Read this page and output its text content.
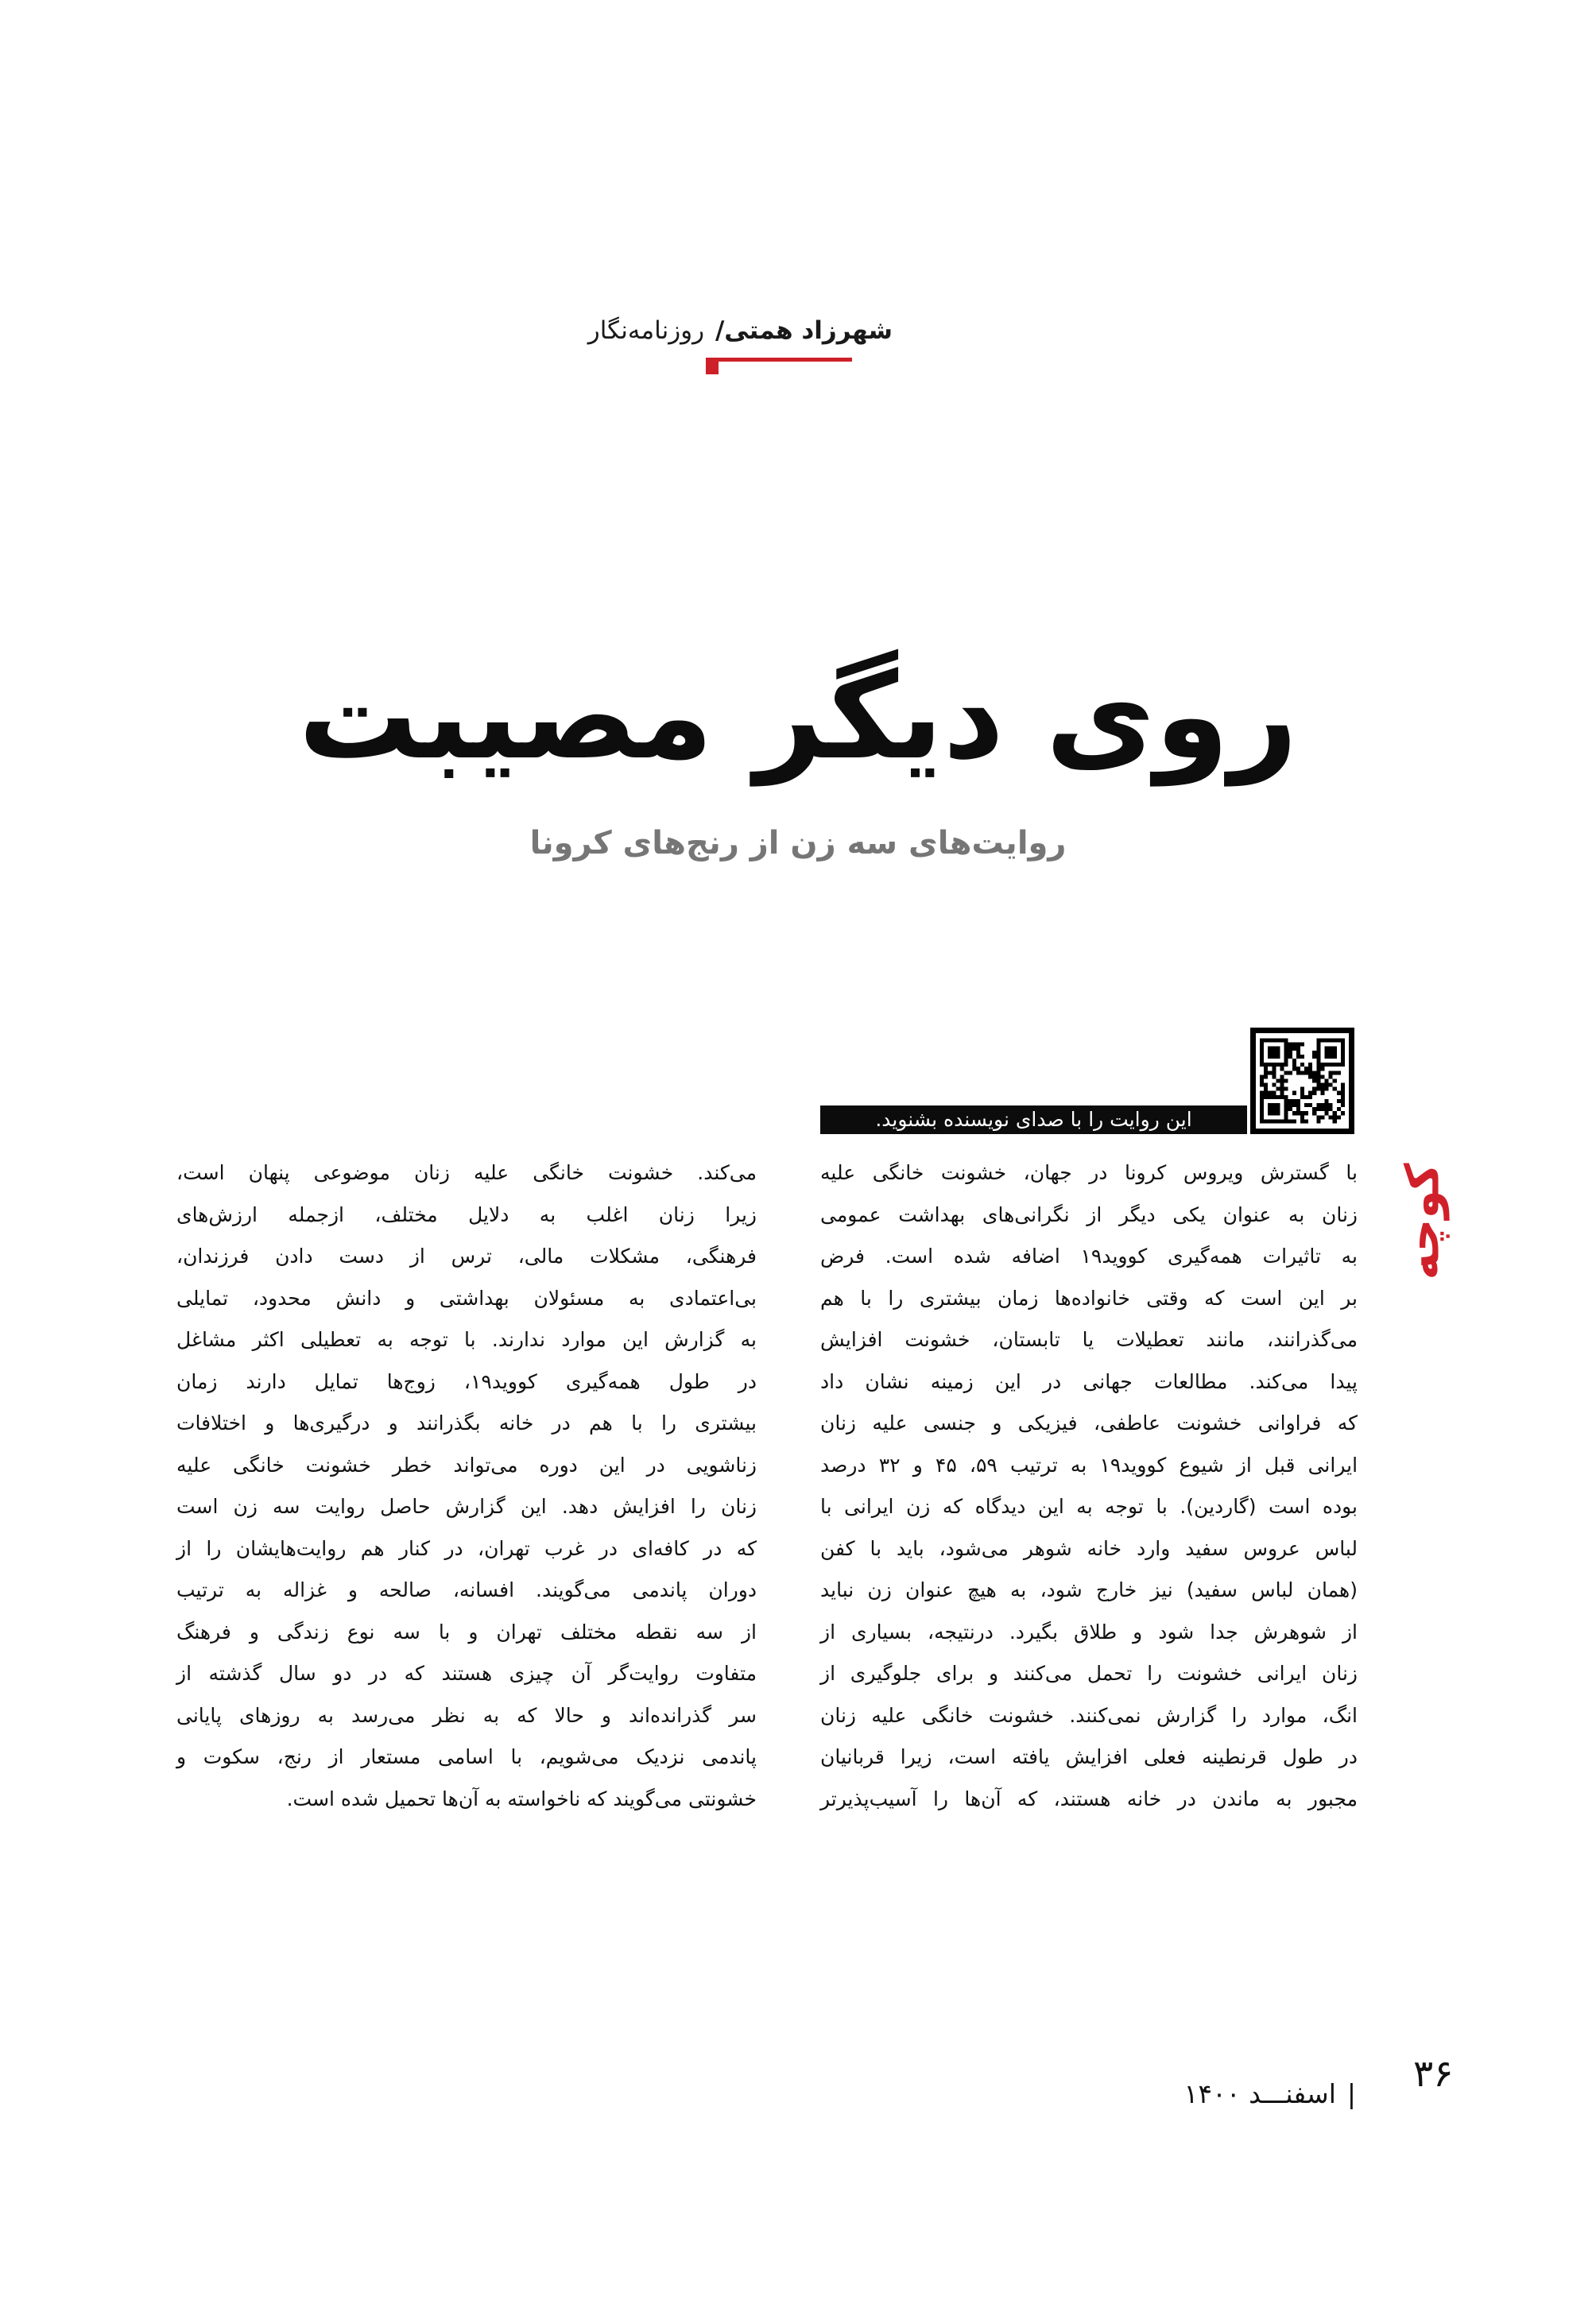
شهرزاد همتی/ روزنامه‌نگار
روی دیگر مصیبت
روایت‌های سه زن از رنج‌های کرونا
این روایت را با صدای نویسنده بشنوید.
کوچه
با گسترش ویروس کرونا در جهان، خشونت خانگی علیه
زنان به عنوان یکی دیگر از نگرانی‌های بهداشت عمومی
به تاثیرات همه‌گیری کووید۱۹ اضافه شده است. فرض
بر این است که وقتی خانواده‌ها زمان بیشتری را با هم
می‌گذرانند، مانند تعطیلات یا تابستان، خشونت افزایش
پیدا می‌کند. مطالعات جهانی در این زمینه نشان داد
که فراوانی خشونت عاطفی، فیزیکی و جنسی علیه زنان
ایرانی قبل از شیوع کووید۱۹ به ترتیب ۵۹، ۴۵ و ۳۲ درصد
بوده است (گاردین). با توجه به این دیدگاه که زن ایرانی با
لباس عروس سفید وارد خانه شوهر می‌شود، باید با کفن
(همان لباس سفید) نیز خارج شود، به هیچ عنوان زن نباید
از شوهرش جدا شود و طلاق بگیرد. درنتیجه، بسیاری از
زنان ایرانی خشونت را تحمل می‌کنند و برای جلوگیری از
انگ، موارد را گزارش نمی‌کنند. خشونت خانگی علیه زنان
در طول قرنطینه فعلی افزایش یافته است، زیرا قربانیان
مجبور به ماندن در خانه هستند، که آن‌ها را آسیب‌پذیرتر
می‌کند. خشونت خانگی علیه زنان موضوعی پنهان است،
زیرا زنان اغلب به دلایل مختلف، ازجمله ارزش‌های
فرهنگی، مشکلات مالی، ترس از دست دادن فرزندان،
بی‌اعتمادی به مسئولان بهداشتی و دانش محدود، تمایلی
به گزارش این موارد ندارند. با توجه به تعطیلی اکثر مشاغل
در طول همه‌گیری کووید۱۹، زوج‌ها تمایل دارند زمان
بیشتری را با هم در خانه بگذرانند و درگیری‌ها و اختلافات
زناشویی در این دوره می‌تواند خطر خشونت خانگی علیه
زنان را افزایش دهد. این گزارش حاصل روایت سه زن است
که در کافه‌ای در غرب تهران، در کنار هم روایت‌هایشان را از
دوران پاندمی می‌گویند. افسانه، صالحه و غزاله به ترتیب
از سه نقطه مختلف تهران و با سه نوع زندگی و فرهنگ
متفاوت روایت‌گر آن چیزی هستند که در دو سال گذشته از
سر گذرانده‌اند و حالا که به نظر می‌رسد به روزهای پایانی
پاندمی نزدیک می‌شویم، با اسامی مستعار از رنج، سکوت و
خشونتی می‌گویند که ناخواسته به آن‌ها تحمیل شده است.
|اسفنـــد ۱۴۰۰	۳۶
